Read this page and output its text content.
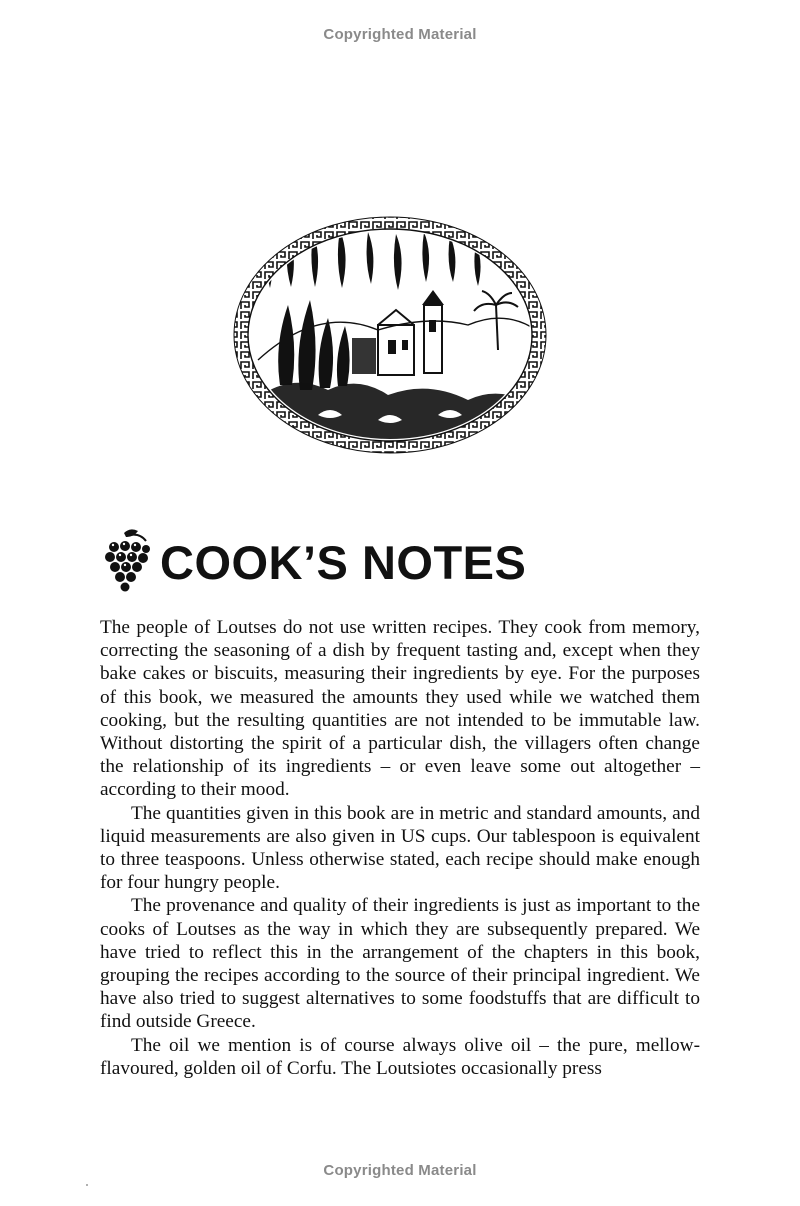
Copyrighted Material
COOK’S NOTES

The people of Loutses do not use written recipes. They cook from memory, correcting the seasoning of a dish by frequent tasting and, except when they bake cakes or biscuits, measuring their ingredients by eye. For the purposes of this book, we measured the amounts they used while we watched them cooking, but the resulting quantities are not intended to be immutable law. Without distorting the spirit of a particular dish, the villagers often change the relationship of its ingredients – or even leave some out altogether – according to their mood.

The quantities given in this book are in metric and standard amounts, and liquid measurements are also given in US cups. Our tablespoon is equivalent to three teaspoons. Unless otherwise stated, each recipe should make enough for four hungry people.

The provenance and quality of their ingredients is just as important to the cooks of Loutses as the way in which they are subsequently prepared. We have tried to reflect this in the arrangement of the chapters in this book, grouping the recipes according to the source of their principal ingredient. We have also tried to suggest alternatives to some foodstuffs that are difficult to find outside Greece.

The oil we mention is of course always olive oil – the pure, mellow-flavoured, golden oil of Corfu. The Loutsiotes occasionally press

Copyrighted Material
